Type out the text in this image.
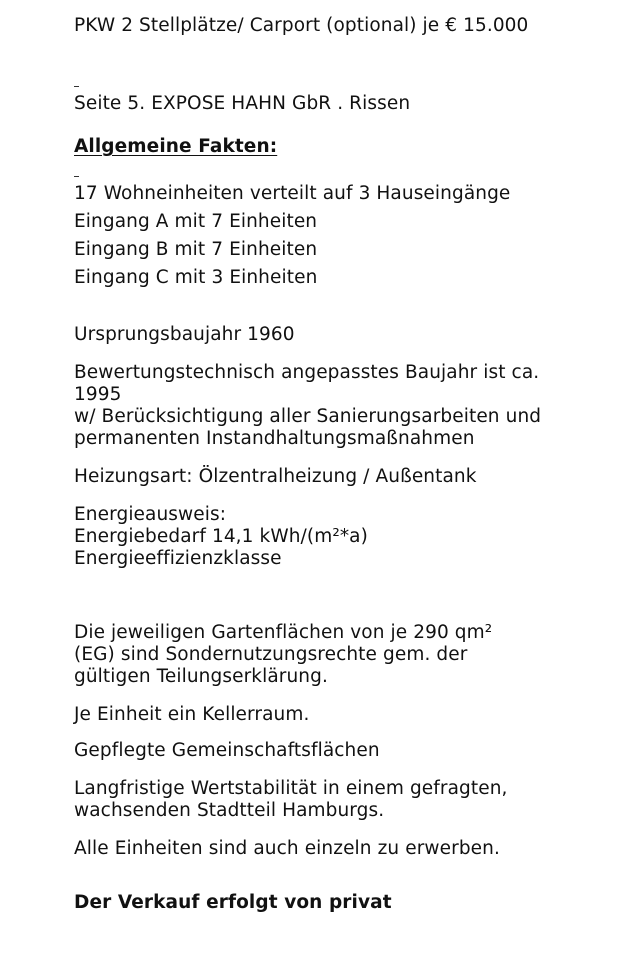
PKW 2 Stellplätze/ Carport (optional) je € 15.000
Seite 5. EXPOSE HAHN GbR . Rissen
Allgemeine Fakten:
17 Wohneinheiten verteilt auf 3 Hauseingänge
Eingang A mit 7 Einheiten
Eingang B mit 7 Einheiten
Eingang C mit 3 Einheiten
Ursprungsbaujahr 1960
Bewertungstechnisch angepasstes Baujahr ist ca.
1995
w/ Berücksichtigung aller Sanierungsarbeiten und
permanenten Instandhaltungsmaßnahmen
Heizungsart: Ölzentralheizung / Außentank
Energieausweis:
Energiebedarf 14,1 kWh/(m²*a)
Energieeffizienzklasse
Die jeweiligen Gartenflächen von je 290 qm²
(EG) sind Sondernutzungsrechte gem. der
gültigen Teilungserklärung.
Je Einheit ein Kellerraum.
Gepflegte Gemeinschaftsflächen
Langfristige Wertstabilität in einem gefragten,
wachsenden Stadtteil Hamburgs.
Alle Einheiten sind auch einzeln zu erwerben.
Der Verkauf erfolgt von privat
